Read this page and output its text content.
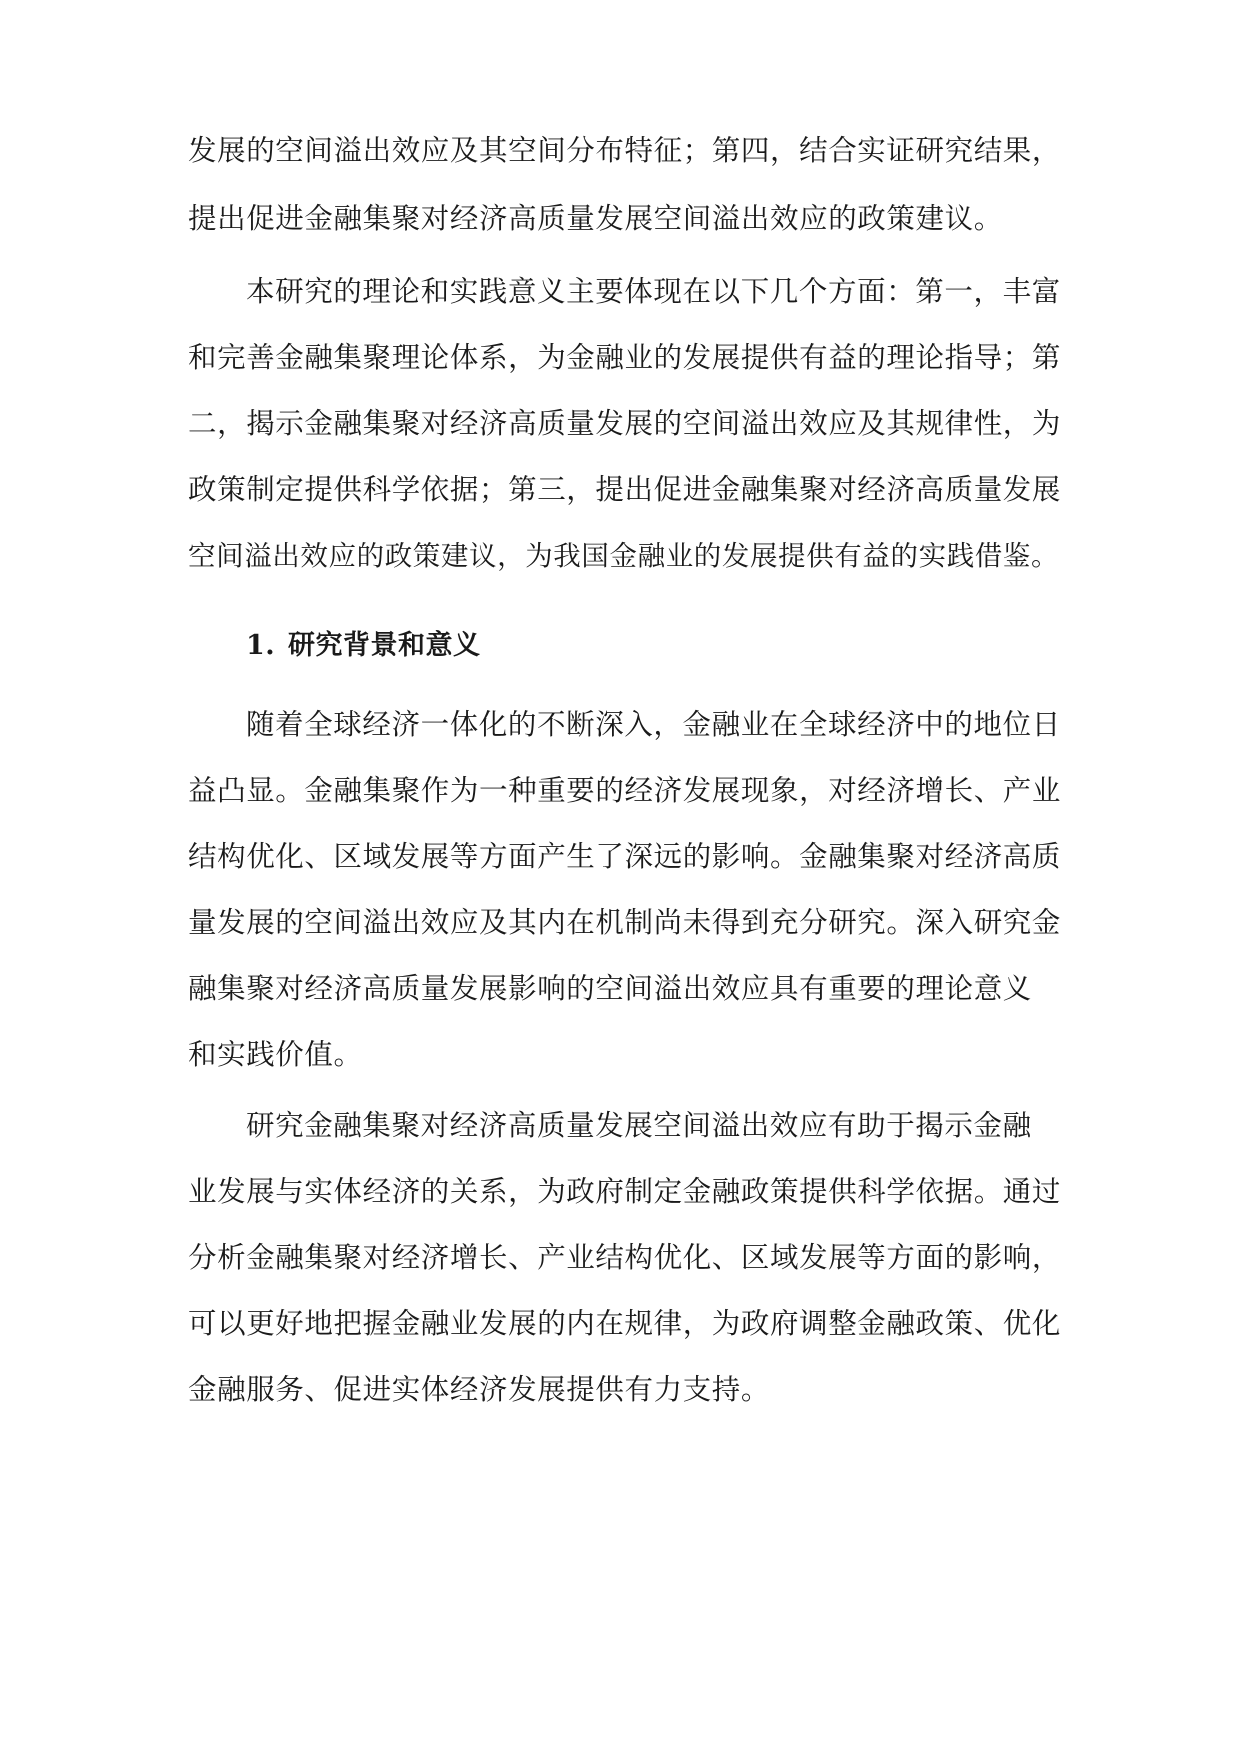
发展的空间溢出效应及其空间分布特征；第四，结合实证研究结果，
提出促进金融集聚对经济高质量发展空间溢出效应的政策建议。
本研究的理论和实践意义主要体现在以下几个方面：第一，丰富
和完善金融集聚理论体系，为金融业的发展提供有益的理论指导；第
二，揭示金融集聚对经济高质量发展的空间溢出效应及其规律性，为
政策制定提供科学依据；第三，提出促进金融集聚对经济高质量发展
空间溢出效应的政策建议，为我国金融业的发展提供有益的实践借鉴。
1. 研究背景和意义
随着全球经济一体化的不断深入，金融业在全球经济中的地位日
益凸显。金融集聚作为一种重要的经济发展现象，对经济增长、产业
结构优化、区域发展等方面产生了深远的影响。金融集聚对经济高质
量发展的空间溢出效应及其内在机制尚未得到充分研究。深入研究金
融集聚对经济高质量发展影响的空间溢出效应具有重要的理论意义
和实践价值。
研究金融集聚对经济高质量发展空间溢出效应有助于揭示金融
业发展与实体经济的关系，为政府制定金融政策提供科学依据。通过
分析金融集聚对经济增长、产业结构优化、区域发展等方面的影响，
可以更好地把握金融业发展的内在规律，为政府调整金融政策、优化
金融服务、促进实体经济发展提供有力支持。
